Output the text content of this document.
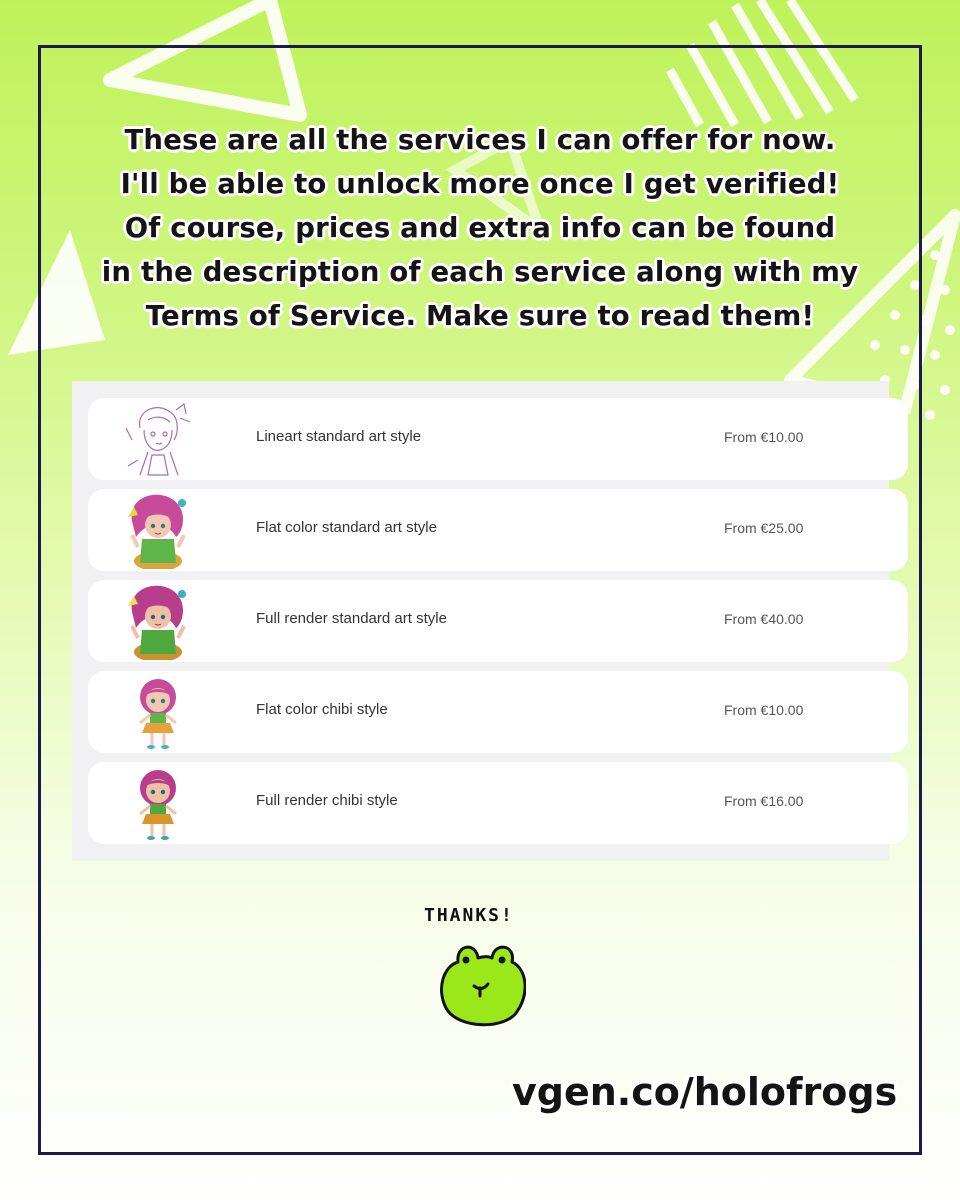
These are all the services I can offer for now.
I'll be able to unlock more once I get verified!
Of course, prices and extra info can be found
in the description of each service along with my
Terms of Service. Make sure to read them!
Lineart standard art style	From €10.00
Flat color standard art style	From €25.00
Full render standard art style	From €40.00
Flat color chibi style	From €10.00
Full render chibi style	From €16.00
THANKS!
vgen.co/holofrogs
